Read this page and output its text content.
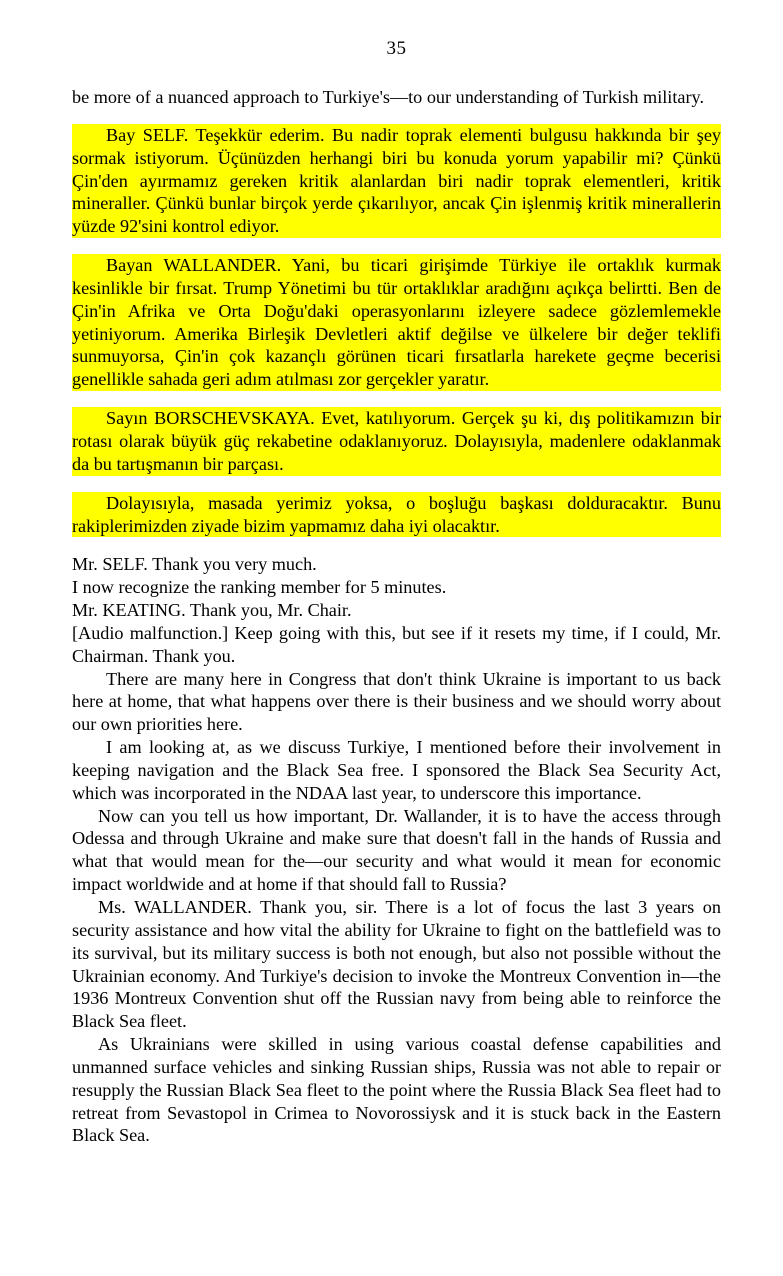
35

be more of a nuanced approach to Turkiye's—to our understanding of Turkish military.

Bay SELF. Teşekkür ederim. Bu nadir toprak elementi bulgusu hakkında bir şey sormak istiyorum. Üçünüzden herhangi biri bu konuda yorum yapabilir mi? Çünkü Çin'den ayırmamız gereken kritik alanlardan biri nadir toprak elementleri, kritik mineraller. Çünkü bunlar birçok yerde çıkarılıyor, ancak Çin işlenmiş kritik minerallerin yüzde 92'sini kontrol ediyor.

Bayan WALLANDER. Yani, bu ticari girişimde Türkiye ile ortaklık kurmak kesinlikle bir fırsat. Trump Yönetimi bu tür ortaklıklar aradığını açıkça belirtti. Ben de Çin'in Afrika ve Orta Doğu'daki operasyonlarını izleyere sadece gözlemlemekle yetiniyorum. Amerika Birleşik Devletleri aktif değilse ve ülkelere bir değer teklifi sunmuyorsa, Çin'in çok kazançlı görünen ticari fırsatlarla harekete geçme becerisi genellikle sahada geri adım atılması zor gerçekler yaratır.

Sayın BORSCHEVSKAYA. Evet, katılıyorum. Gerçek şu ki, dış politikamızın bir rotası olarak büyük güç rekabetine odaklanıyoruz. Dolayısıyla, madenlere odaklanmak da bu tartışmanın bir parçası.

Dolayısıyla, masada yerimiz yoksa, o boşluğu başkası dolduracaktır. Bunu rakiplerimizden ziyade bizim yapmamız daha iyi olacaktır.

Mr. SELF. Thank you very much.

I now recognize the ranking member for 5 minutes.

Mr. KEATING. Thank you, Mr. Chair.

[Audio malfunction.] Keep going with this, but see if it resets my time, if I could, Mr. Chairman. Thank you.

There are many here in Congress that don't think Ukraine is important to us back here at home, that what happens over there is their business and we should worry about our own priorities here.

I am looking at, as we discuss Turkiye, I mentioned before their involvement in keeping navigation and the Black Sea free. I sponsored the Black Sea Security Act, which was incorporated in the NDAA last year, to underscore this importance.

Now can you tell us how important, Dr. Wallander, it is to have the access through Odessa and through Ukraine and make sure that doesn't fall in the hands of Russia and what that would mean for the—our security and what would it mean for economic impact worldwide and at home if that should fall to Russia?

Ms. WALLANDER. Thank you, sir. There is a lot of focus the last 3 years on security assistance and how vital the ability for Ukraine to fight on the battlefield was to its survival, but its military success is both not enough, but also not possible without the Ukrainian economy. And Turkiye's decision to invoke the Montreux Convention in—the 1936 Montreux Convention shut off the Russian navy from being able to reinforce the Black Sea fleet.

As Ukrainians were skilled in using various coastal defense capabilities and unmanned surface vehicles and sinking Russian ships, Russia was not able to repair or resupply the Russian Black Sea fleet to the point where the Russia Black Sea fleet had to retreat from Sevastopol in Crimea to Novorossiysk and it is stuck back in the Eastern Black Sea.
